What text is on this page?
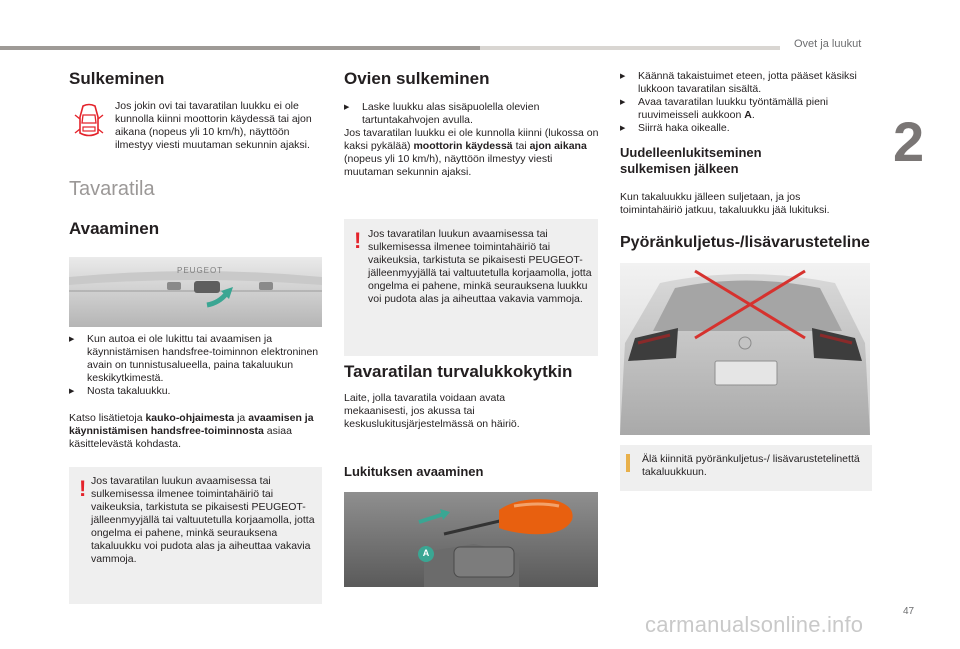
Ovet ja luukut
2
47
carmanualsonline.info
Sulkeminen

Jos jokin ovi tai tavaratilan luukku ei ole kunnolla kiinni moottorin käydessä tai ajon aikana (nopeus yli 10 km/h), näyttöön ilmestyy viesti muutaman sekunnin ajaksi.

Tavaratila
Avaaminen
PEUGEOT

▶ Kun autoa ei ole lukittu tai avaamisen ja käynnistämisen handsfree-toiminnon elektroninen avain on tunnistusalueella, paina takaluukun keskikytkimestä.

▶ Nosta takaluukku.

Katso lisätietoja kauko-ohjaimesta ja avaamisen ja käynnistämisen handsfree-toiminnosta asiaa käsittelevästä kohdasta.

! Jos tavaratilan luukun avaamisessa tai sulkemisessa ilmenee toimintahäiriö tai vaikeuksia, tarkistuta se pikaisesti PEUGEOT-jälleenmyyjällä tai valtuutetulla korjaamolla, jotta ongelma ei pahene, minkä seurauksena takaluukku voi pudota alas ja aiheuttaa vakavia vammoja.

Ovien sulkeminen

▶ Laske luukku alas sisäpuolella olevien tartuntakahvojen avulla.

Jos tavaratilan luukku ei ole kunnolla kiinni (lukossa on kaksi pykälää) moottorin käydessä tai ajon aikana (nopeus yli 10 km/h), näyttöön ilmestyy viesti muutaman sekunnin ajaksi.

! Jos tavaratilan luukun avaamisessa tai sulkemisessa ilmenee toimintahäiriö tai vaikeuksia, tarkistuta se pikaisesti PEUGEOT-jälleenmyyjällä tai valtuutetulla korjaamolla, jotta ongelma ei pahene, minkä seurauksena luukku voi pudota alas ja aiheuttaa vakavia vammoja.

Tavaratilan turvalukkokytkin

Laite, jolla tavaratila voidaan avata mekaanisesti, jos akussa tai keskuslukitusjärjestelmässä on häiriö.

Lukituksen avaaminen
A

▶ Käännä takaistuimet eteen, jotta pääset käsiksi lukkoon tavaratilan sisältä.

▶ Avaa tavaratilan luukku työntämällä pieni ruuvimeisseli aukkoon A.

▶ Siirrä haka oikealle.

Uudelleenlukitseminen
sulkemisen jälkeen

Kun takaluukku jälleen suljetaan, ja jos toimintahäiriö jatkuu, takaluukku jää lukituksi.

Pyöränkuljetus-/lisävarusteteline

Älä kiinnitä pyöränkuljetus-/ lisävarustetelinettä takaluukkuun.
